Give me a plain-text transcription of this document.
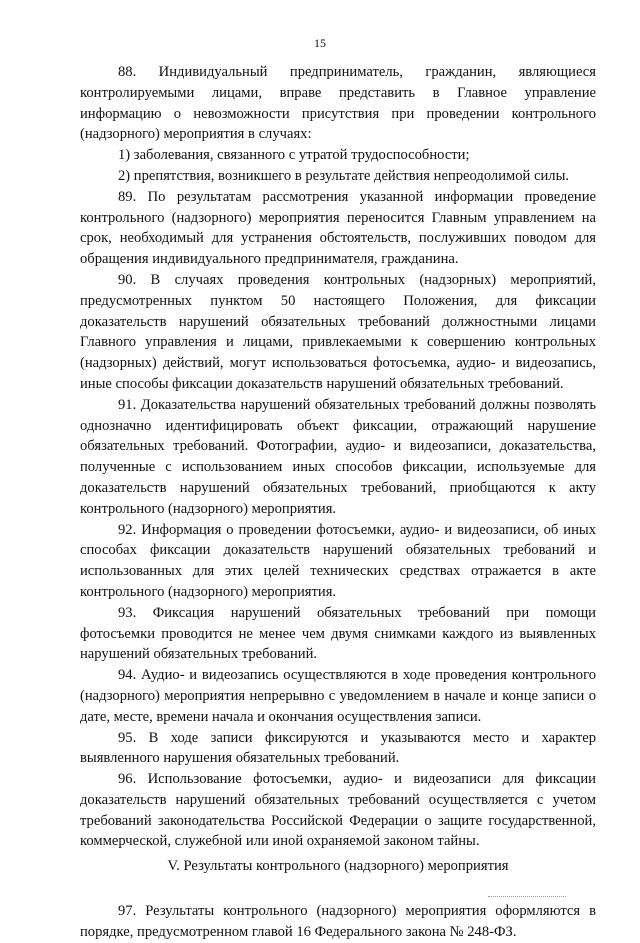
15

88. Индивидуальный предприниматель, гражданин, являющиеся контролируемыми лицами, вправе представить в Главное управление информацию о невозможности присутствия при проведении контрольного (надзорного) мероприятия в случаях:

1) заболевания, связанного с утратой трудоспособности;

2) препятствия, возникшего в результате действия непреодолимой силы.

89. По результатам рассмотрения указанной информации проведение контрольного (надзорного) мероприятия переносится Главным управлением на срок, необходимый для устранения обстоятельств, послуживших поводом для обращения индивидуального предпринимателя, гражданина.

90. В случаях проведения контрольных (надзорных) мероприятий, предусмотренных пунктом 50 настоящего Положения, для фиксации доказательств нарушений обязательных требований должностными лицами Главного управления и лицами, привлекаемыми к совершению контрольных (надзорных) действий, могут использоваться фотосъемка, аудио- и видеозапись, иные способы фиксации доказательств нарушений обязательных требований.

91. Доказательства нарушений обязательных требований должны позволять однозначно идентифицировать объект фиксации, отражающий нарушение обязательных требований. Фотографии, аудио- и видеозаписи, доказательства, полученные с использованием иных способов фиксации, используемые для доказательств нарушений обязательных требований, приобщаются к акту контрольного (надзорного) мероприятия.

92. Информация о проведении фотосъемки, аудио- и видеозаписи, об иных способах фиксации доказательств нарушений обязательных требований и использованных для этих целей технических средствах отражается в акте контрольного (надзорного) мероприятия.

93. Фиксация нарушений обязательных требований при помощи фотосъемки проводится не менее чем двумя снимками каждого из выявленных нарушений обязательных требований.

94. Аудио- и видеозапись осуществляются в ходе проведения контрольного (надзорного) мероприятия непрерывно с уведомлением в начале и конце записи о дате, месте, времени начала и окончания осуществления записи.

95. В ходе записи фиксируются и указываются место и характер выявленного нарушения обязательных требований.

96. Использование фотосъемки, аудио- и видеозаписи для фиксации доказательств нарушений обязательных требований осуществляется с учетом требований законодательства Российской Федерации о защите государственной, коммерческой, служебной или иной охраняемой законом тайны.

V. Результаты контрольного (надзорного) мероприятия

97. Результаты контрольного (надзорного) мероприятия оформляются в порядке, предусмотренном главой 16 Федерального закона № 248-ФЗ.
